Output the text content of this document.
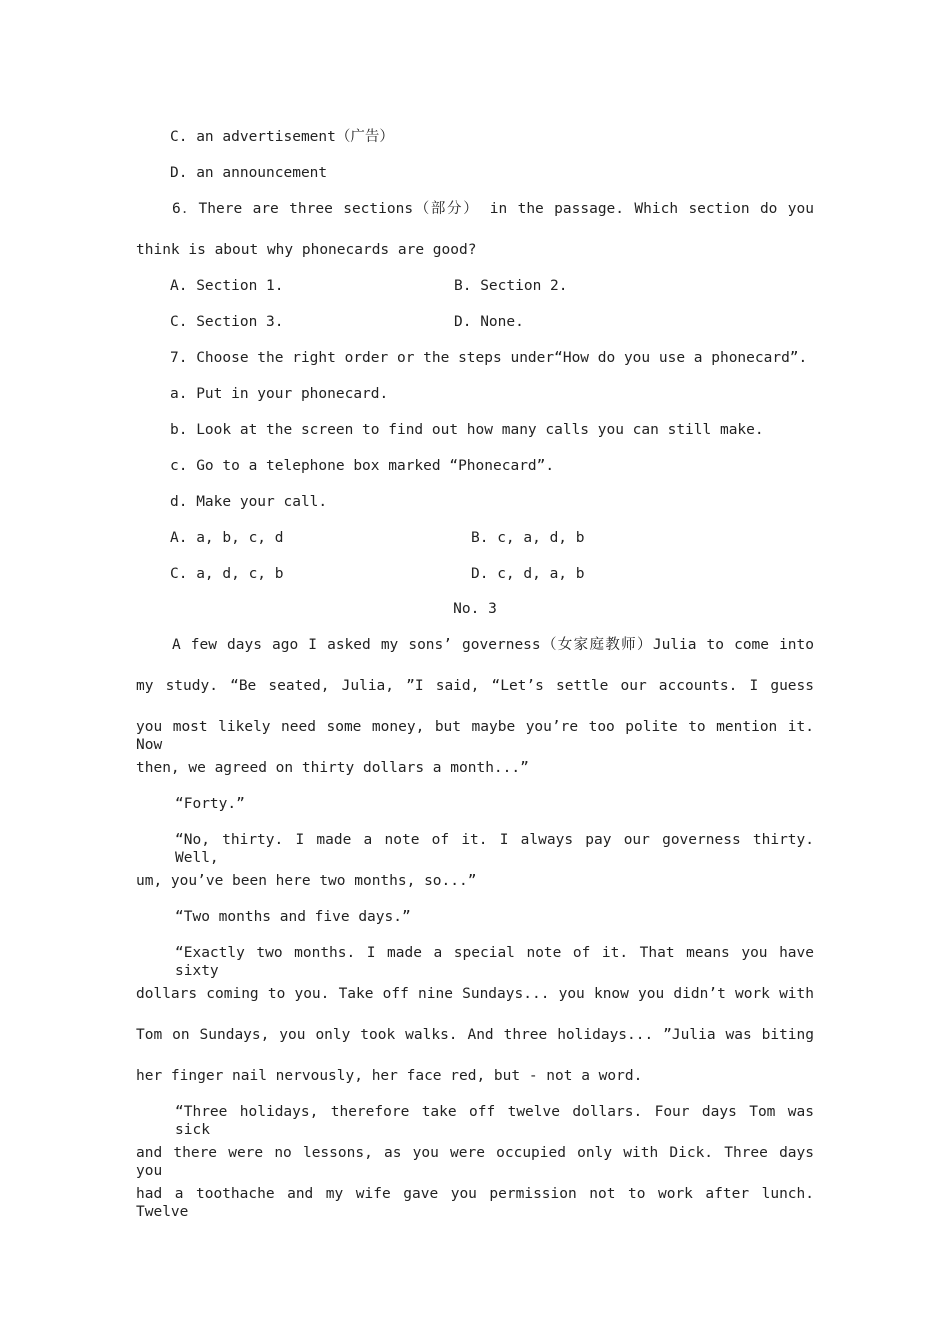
C. an advertisement（广告）
D. an announcement
6．There are three sections（部分） in the passage. Which section do you
think is about why phonecards are good?
A. Section 1.	B. Section 2.
C. Section 3.	D. None.
7. Choose the right order or the steps under“How do you use a phonecard”.
a. Put in your phonecard.
b. Look at the screen to find out how many calls you can still make.
c. Go to a telephone box marked “Phonecard”.
d. Make your call.
A. a, b, c, d	B. c, a, d, b
C. a, d, c, b	D. c, d, a, b
No. 3
A few days ago I asked my sons’ governess（女家庭教师）Julia to come into
my study. “Be seated, Julia, ”I said, “Let’s settle our accounts. I guess
you most likely need some money, but maybe you’re too polite to mention it. Now
then, we agreed on thirty dollars a month...”
“Forty.”
“No, thirty. I made a note of it. I always pay our governess thirty. Well,
um, you’ve been here two months, so...”
“Two months and five days.”
“Exactly two months. I made a special note of it. That means you have sixty
dollars coming to you. Take off nine Sundays... you know you didn’t work with
Tom on Sundays, you only took walks. And three holidays... ”Julia was biting
her finger nail nervously, her face red, but - not a word.
“Three holidays, therefore take off twelve dollars. Four days Tom was sick
and there were no lessons, as you were occupied only with Dick. Three days you
had a toothache and my wife gave you permission not to work after lunch. Twelve
